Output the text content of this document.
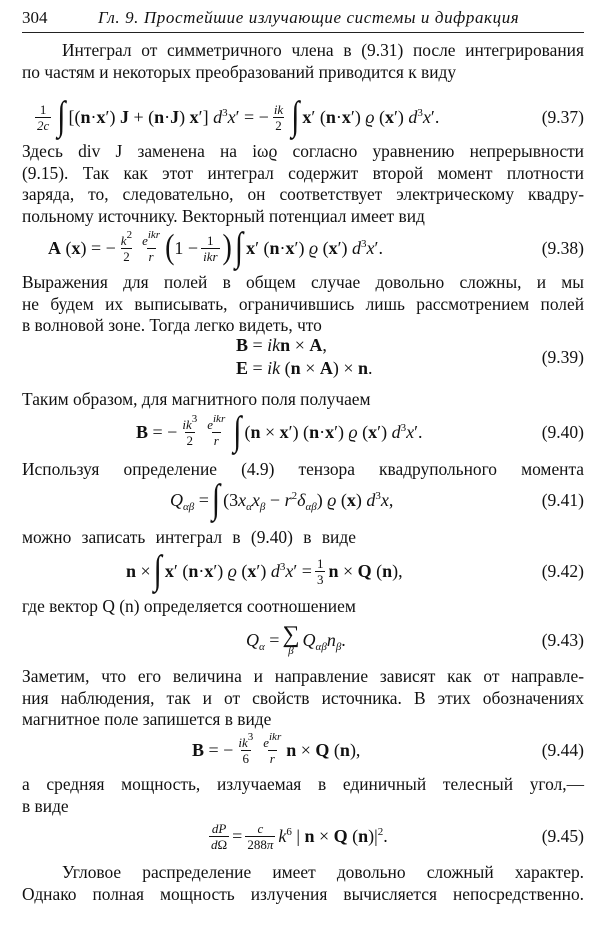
304	Гл. 9. Простейшие излучающие системы и дифракция
Интеграл от симметричного члена в (9.31) после интегрирования
по частям и некоторых преобразований приводится к виду
$\frac{1}{2c}$ ∫ [(n·x′) J + (n·J) x′] $d^3x'$ = − $\frac{ik}{2}$ ∫ x′ (n·x′) ϱ (x′) $d^3x'$.	(9.37)
Здесь div J заменена на iωϱ согласно уравнению непрерывности
(9.15). Так как этот интеграл содержит второй момент плотности
заряда, то, следовательно, он соответствует электрическому квадру-
польному источнику. Векторный потенциал имеет вид
A (x) = − $\frac{k^2}{2} \frac{e^{ikr}}{r}$ ( $1 - \frac{1}{\text{ikr}}$ ) ∫ x′ (n·x′) ϱ (x′) $d^3x'$.	(9.38)
Выражения для полей в общем случае довольно сложны, и мы
не будем их выписывать, ограничившись лишь рассмотрением полей
в волновой зоне. Тогда легко видеть, что
B = ikn × A,
E = ik (n × A) × n.
(9.39)
Таким образом, для магнитного поля получаем
B = − $\frac{ik^3}{2} \frac{e^{ikr}}{r}$ ∫ (n × x′) (n·x′) ϱ (x′) $d^3x'$.	(9.40)
Используя определение (4.9) тензора квадрупольного момента
$Q_{\alpha\beta}$ = ∫ $(3x_\alpha x_\beta - r^2\delta_{\alpha\beta})$ ϱ (x) $d^3x$,	(9.41)
можно записать интеграл в (9.40) в виде
n × ∫ x′ (n·x′) ϱ (x′) $d^3x' = \frac{1}{3}$ n × Q (n),	(9.42)
где вектор Q (n) определяется соотношением
$Q_\alpha$ = ∑
β
$Q_{\alpha\beta}n_\beta$.	(9.43)
Заметим, что его величина и направление зависят как от направле-
ния наблюдения, так и от свойств источника. В этих обозначениях
магнитное поле запишется в виде
B = − $\frac{ik^3}{6} \frac{e^{ikr}}{r}$ n × Q (n),	(9.44)
а средняя мощность, излучаемая в единичный телесный угол,—
в виде
$\frac{dP}{d\Omega} = \frac{c}{288\pi} k^6$ | n × Q $(n)|^2$.	(9.45)
Угловое распределение имеет довольно сложный характер.
Однако полная мощность излучения вычисляется непосредственно.
